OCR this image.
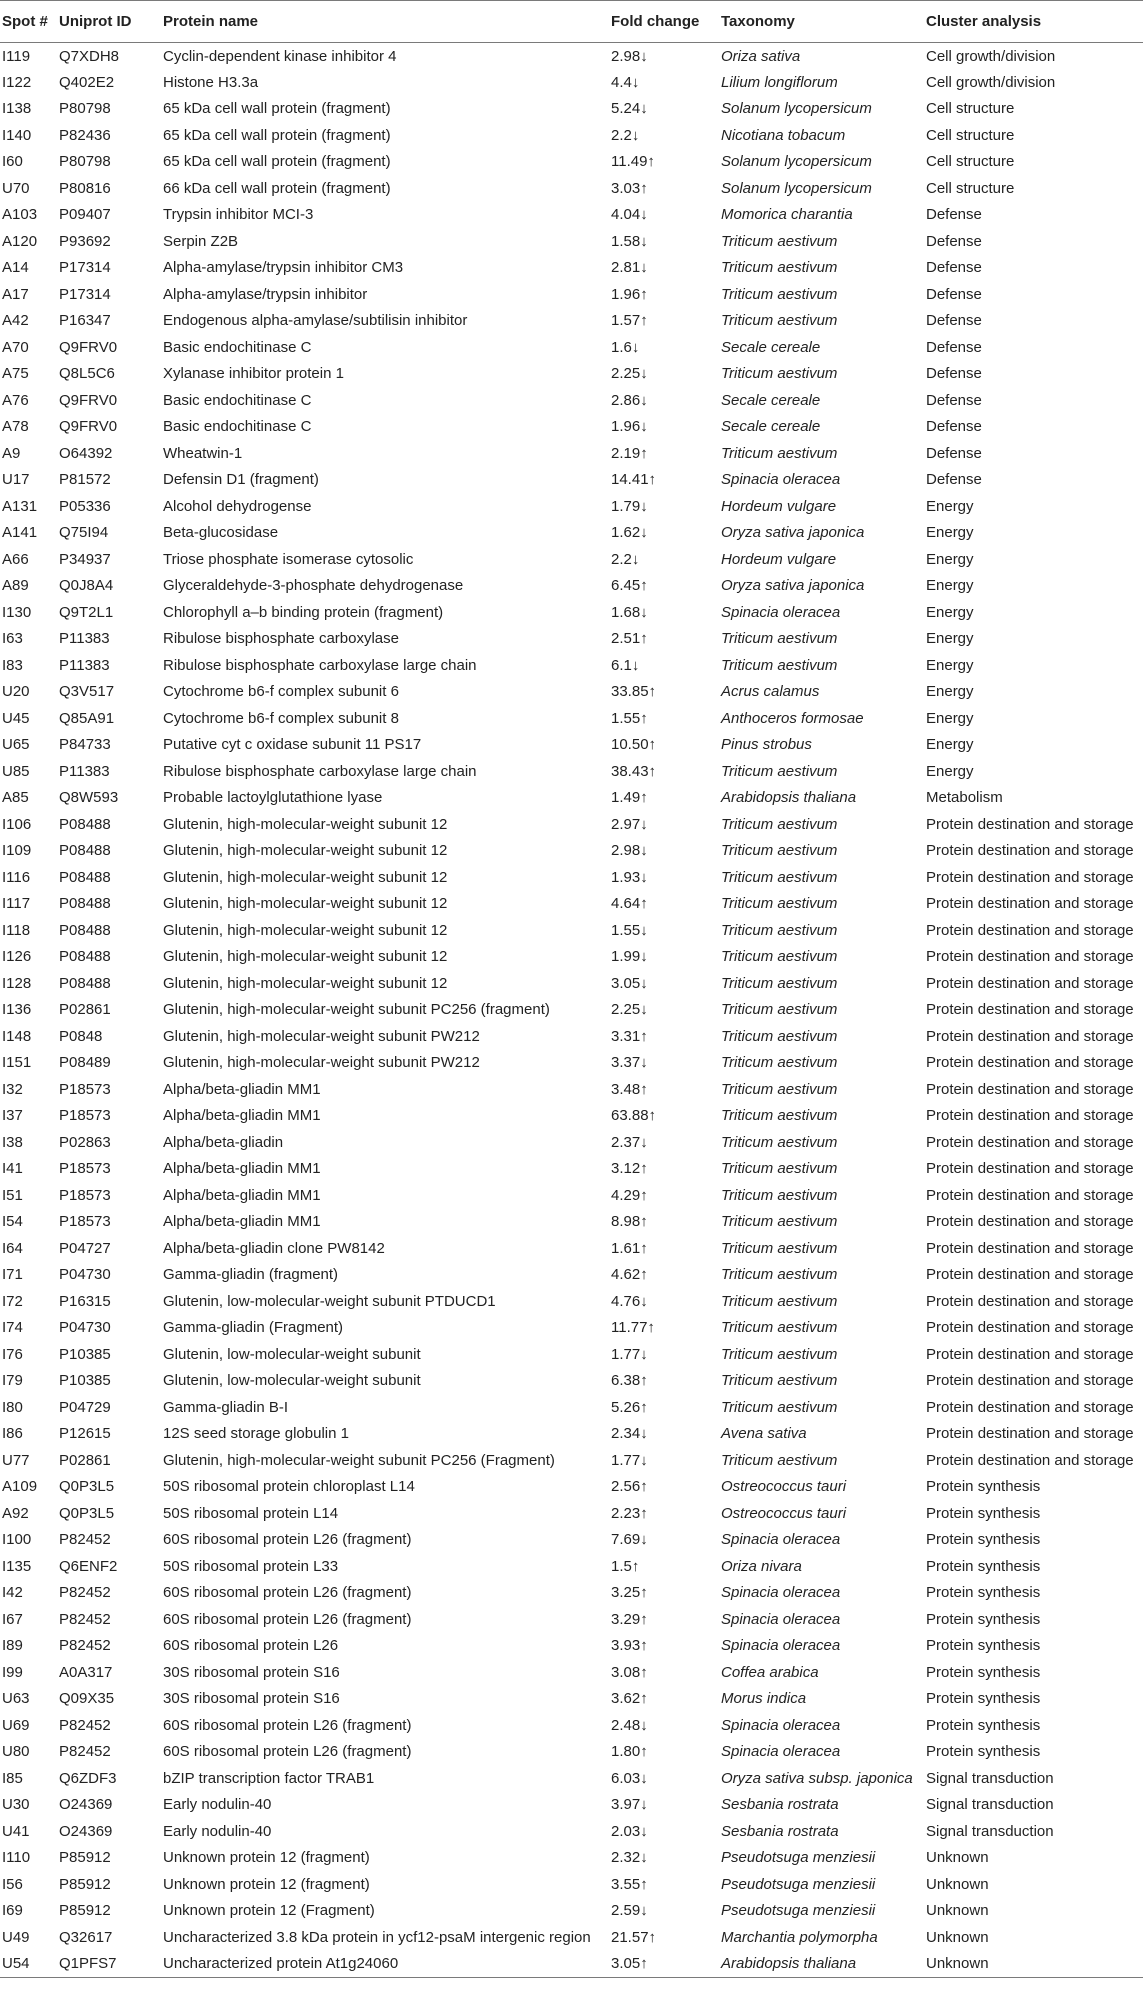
Spot #	Uniprot ID	Protein name	Fold change	Taxonomy	Cluster analysis
I119	Q7XDH8	Cyclin-dependent kinase inhibitor 4	2.98↓	Oriza sativa	Cell growth/division
I122	Q402E2	Histone H3.3a	4.4↓	Lilium longiflorum	Cell growth/division
I138	P80798	65 kDa cell wall protein (fragment)	5.24↓	Solanum lycopersicum	Cell structure
I140	P82436	65 kDa cell wall protein (fragment)	2.2↓	Nicotiana tobacum	Cell structure
I60	P80798	65 kDa cell wall protein (fragment)	11.49↑	Solanum lycopersicum	Cell structure
U70	P80816	66 kDa cell wall protein (fragment)	3.03↑	Solanum lycopersicum	Cell structure
A103	P09407	Trypsin inhibitor MCI-3	4.04↓	Momorica charantia	Defense
A120	P93692	Serpin Z2B	1.58↓	Triticum aestivum	Defense
A14	P17314	Alpha-amylase/trypsin inhibitor CM3	2.81↓	Triticum aestivum	Defense
A17	P17314	Alpha-amylase/trypsin inhibitor	1.96↑	Triticum aestivum	Defense
A42	P16347	Endogenous alpha-amylase/subtilisin inhibitor	1.57↑	Triticum aestivum	Defense
A70	Q9FRV0	Basic endochitinase C	1.6↓	Secale cereale	Defense
A75	Q8L5C6	Xylanase inhibitor protein 1	2.25↓	Triticum aestivum	Defense
A76	Q9FRV0	Basic endochitinase C	2.86↓	Secale cereale	Defense
A78	Q9FRV0	Basic endochitinase C	1.96↓	Secale cereale	Defense
A9	O64392	Wheatwin-1	2.19↑	Triticum aestivum	Defense
U17	P81572	Defensin D1 (fragment)	14.41↑	Spinacia oleracea	Defense
A131	P05336	Alcohol dehydrogense	1.79↓	Hordeum vulgare	Energy
A141	Q75I94	Beta-glucosidase	1.62↓	Oryza sativa japonica	Energy
A66	P34937	Triose phosphate isomerase cytosolic	2.2↓	Hordeum vulgare	Energy
A89	Q0J8A4	Glyceraldehyde-3-phosphate dehydrogenase	6.45↑	Oryza sativa japonica	Energy
I130	Q9T2L1	Chlorophyll a–b binding protein (fragment)	1.68↓	Spinacia oleracea	Energy
I63	P11383	Ribulose bisphosphate carboxylase	2.51↑	Triticum aestivum	Energy
I83	P11383	Ribulose bisphosphate carboxylase large chain	6.1↓	Triticum aestivum	Energy
U20	Q3V517	Cytochrome b6-f complex subunit 6	33.85↑	Acrus calamus	Energy
U45	Q85A91	Cytochrome b6-f complex subunit 8	1.55↑	Anthoceros formosae	Energy
U65	P84733	Putative cyt c oxidase subunit 11 PS17	10.50↑	Pinus strobus	Energy
U85	P11383	Ribulose bisphosphate carboxylase large chain	38.43↑	Triticum aestivum	Energy
A85	Q8W593	Probable lactoylglutathione lyase	1.49↑	Arabidopsis thaliana	Metabolism
I106	P08488	Glutenin, high-molecular-weight subunit 12	2.97↓	Triticum aestivum	Protein destination and storage
I109	P08488	Glutenin, high-molecular-weight subunit 12	2.98↓	Triticum aestivum	Protein destination and storage
I116	P08488	Glutenin, high-molecular-weight subunit 12	1.93↓	Triticum aestivum	Protein destination and storage
I117	P08488	Glutenin, high-molecular-weight subunit 12	4.64↑	Triticum aestivum	Protein destination and storage
I118	P08488	Glutenin, high-molecular-weight subunit 12	1.55↓	Triticum aestivum	Protein destination and storage
I126	P08488	Glutenin, high-molecular-weight subunit 12	1.99↓	Triticum aestivum	Protein destination and storage
I128	P08488	Glutenin, high-molecular-weight subunit 12	3.05↓	Triticum aestivum	Protein destination and storage
I136	P02861	Glutenin, high-molecular-weight subunit PC256 (fragment)	2.25↓	Triticum aestivum	Protein destination and storage
I148	P0848	Glutenin, high-molecular-weight subunit PW212	3.31↑	Triticum aestivum	Protein destination and storage
I151	P08489	Glutenin, high-molecular-weight subunit PW212	3.37↓	Triticum aestivum	Protein destination and storage
I32	P18573	Alpha/beta-gliadin MM1	3.48↑	Triticum aestivum	Protein destination and storage
I37	P18573	Alpha/beta-gliadin MM1	63.88↑	Triticum aestivum	Protein destination and storage
I38	P02863	Alpha/beta-gliadin	2.37↓	Triticum aestivum	Protein destination and storage
I41	P18573	Alpha/beta-gliadin MM1	3.12↑	Triticum aestivum	Protein destination and storage
I51	P18573	Alpha/beta-gliadin MM1	4.29↑	Triticum aestivum	Protein destination and storage
I54	P18573	Alpha/beta-gliadin MM1	8.98↑	Triticum aestivum	Protein destination and storage
I64	P04727	Alpha/beta-gliadin clone PW8142	1.61↑	Triticum aestivum	Protein destination and storage
I71	P04730	Gamma-gliadin (fragment)	4.62↑	Triticum aestivum	Protein destination and storage
I72	P16315	Glutenin, low-molecular-weight subunit PTDUCD1	4.76↓	Triticum aestivum	Protein destination and storage
I74	P04730	Gamma-gliadin (Fragment)	11.77↑	Triticum aestivum	Protein destination and storage
I76	P10385	Glutenin, low-molecular-weight subunit	1.77↓	Triticum aestivum	Protein destination and storage
I79	P10385	Glutenin, low-molecular-weight subunit	6.38↑	Triticum aestivum	Protein destination and storage
I80	P04729	Gamma-gliadin B-I	5.26↑	Triticum aestivum	Protein destination and storage
I86	P12615	12S seed storage globulin 1	2.34↓	Avena sativa	Protein destination and storage
U77	P02861	Glutenin, high-molecular-weight subunit PC256 (Fragment)	1.77↓	Triticum aestivum	Protein destination and storage
A109	Q0P3L5	50S ribosomal protein chloroplast L14	2.56↑	Ostreococcus tauri	Protein synthesis
A92	Q0P3L5	50S ribosomal protein L14	2.23↑	Ostreococcus tauri	Protein synthesis
I100	P82452	60S ribosomal protein L26 (fragment)	7.69↓	Spinacia oleracea	Protein synthesis
I135	Q6ENF2	50S ribosomal protein L33	1.5↑	Oriza nivara	Protein synthesis
I42	P82452	60S ribosomal protein L26 (fragment)	3.25↑	Spinacia oleracea	Protein synthesis
I67	P82452	60S ribosomal protein L26 (fragment)	3.29↑	Spinacia oleracea	Protein synthesis
I89	P82452	60S ribosomal protein L26	3.93↑	Spinacia oleracea	Protein synthesis
I99	A0A317	30S ribosomal protein S16	3.08↑	Coffea arabica	Protein synthesis
U63	Q09X35	30S ribosomal protein S16	3.62↑	Morus indica	Protein synthesis
U69	P82452	60S ribosomal protein L26 (fragment)	2.48↓	Spinacia oleracea	Protein synthesis
U80	P82452	60S ribosomal protein L26 (fragment)	1.80↑	Spinacia oleracea	Protein synthesis
I85	Q6ZDF3	bZIP transcription factor TRAB1	6.03↓	Oryza sativa subsp. japonica	Signal transduction
U30	O24369	Early nodulin-40	3.97↓	Sesbania rostrata	Signal transduction
U41	O24369	Early nodulin-40	2.03↓	Sesbania rostrata	Signal transduction
I110	P85912	Unknown protein 12 (fragment)	2.32↓	Pseudotsuga menziesii	Unknown
I56	P85912	Unknown protein 12 (fragment)	3.55↑	Pseudotsuga menziesii	Unknown
I69	P85912	Unknown protein 12 (Fragment)	2.59↓	Pseudotsuga menziesii	Unknown
U49	Q32617	Uncharacterized 3.8 kDa protein in ycf12-psaM intergenic region	21.57↑	Marchantia polymorpha	Unknown
U54	Q1PFS7	Uncharacterized protein At1g24060	3.05↑	Arabidopsis thaliana	Unknown
